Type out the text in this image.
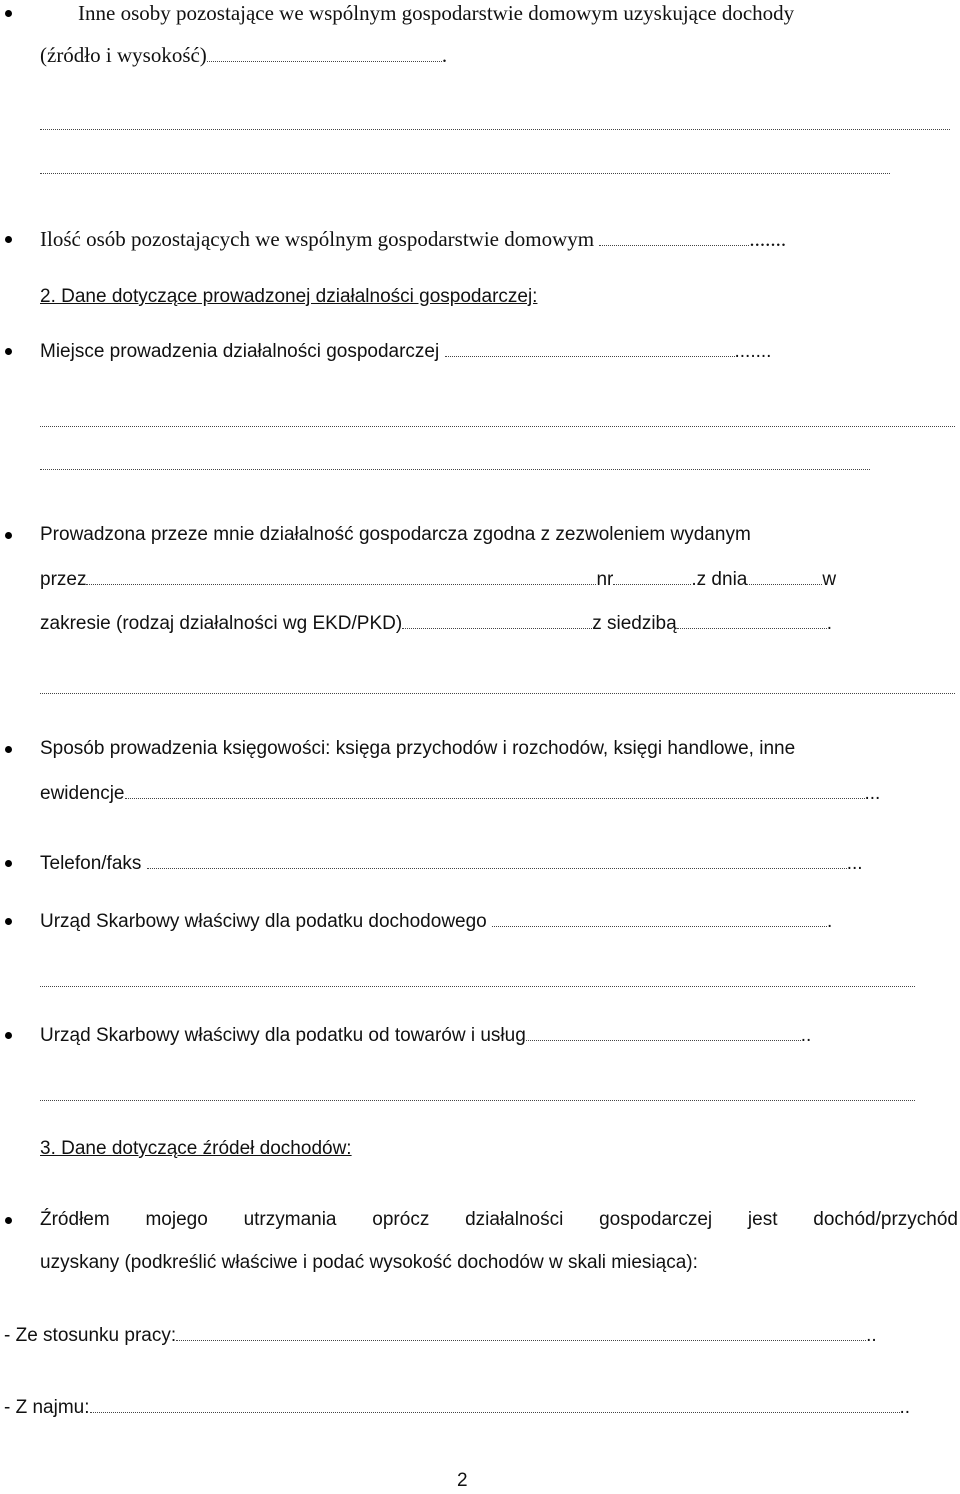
Inne osoby pozostające we wspólnym gospodarstwie domowym uzyskujące dochody
(źródło i wysokość)	.
Ilość osób pozostających we wspólnym gospodarstwie domowym	.......
2. Dane dotyczące prowadzonej działalności gospodarczej:
Miejsce prowadzenia działalności gospodarczej	.......
Prowadzona przeze mnie działalność gospodarcza zgodna z zezwoleniem wydanym
przez	nr	.z dnia	w
zakresie (rodzaj działalności wg EKD/PKD)	z siedzibą	.
Sposób prowadzenia księgowości: księga przychodów i rozchodów, księgi handlowe, inne
ewidencje	...
Telefon/faks	...
Urząd Skarbowy właściwy dla podatku dochodowego	.
Urząd Skarbowy właściwy dla podatku od towarów i usług	..
3. Dane dotyczące źródeł dochodów:
Źródłem mojego utrzymania oprócz działalności gospodarczej jest dochód/przychód
uzyskany (podkreślić właściwe i podać wysokość dochodów w skali miesiąca):
- Ze stosunku pracy:	..
- Z najmu:	..
2
